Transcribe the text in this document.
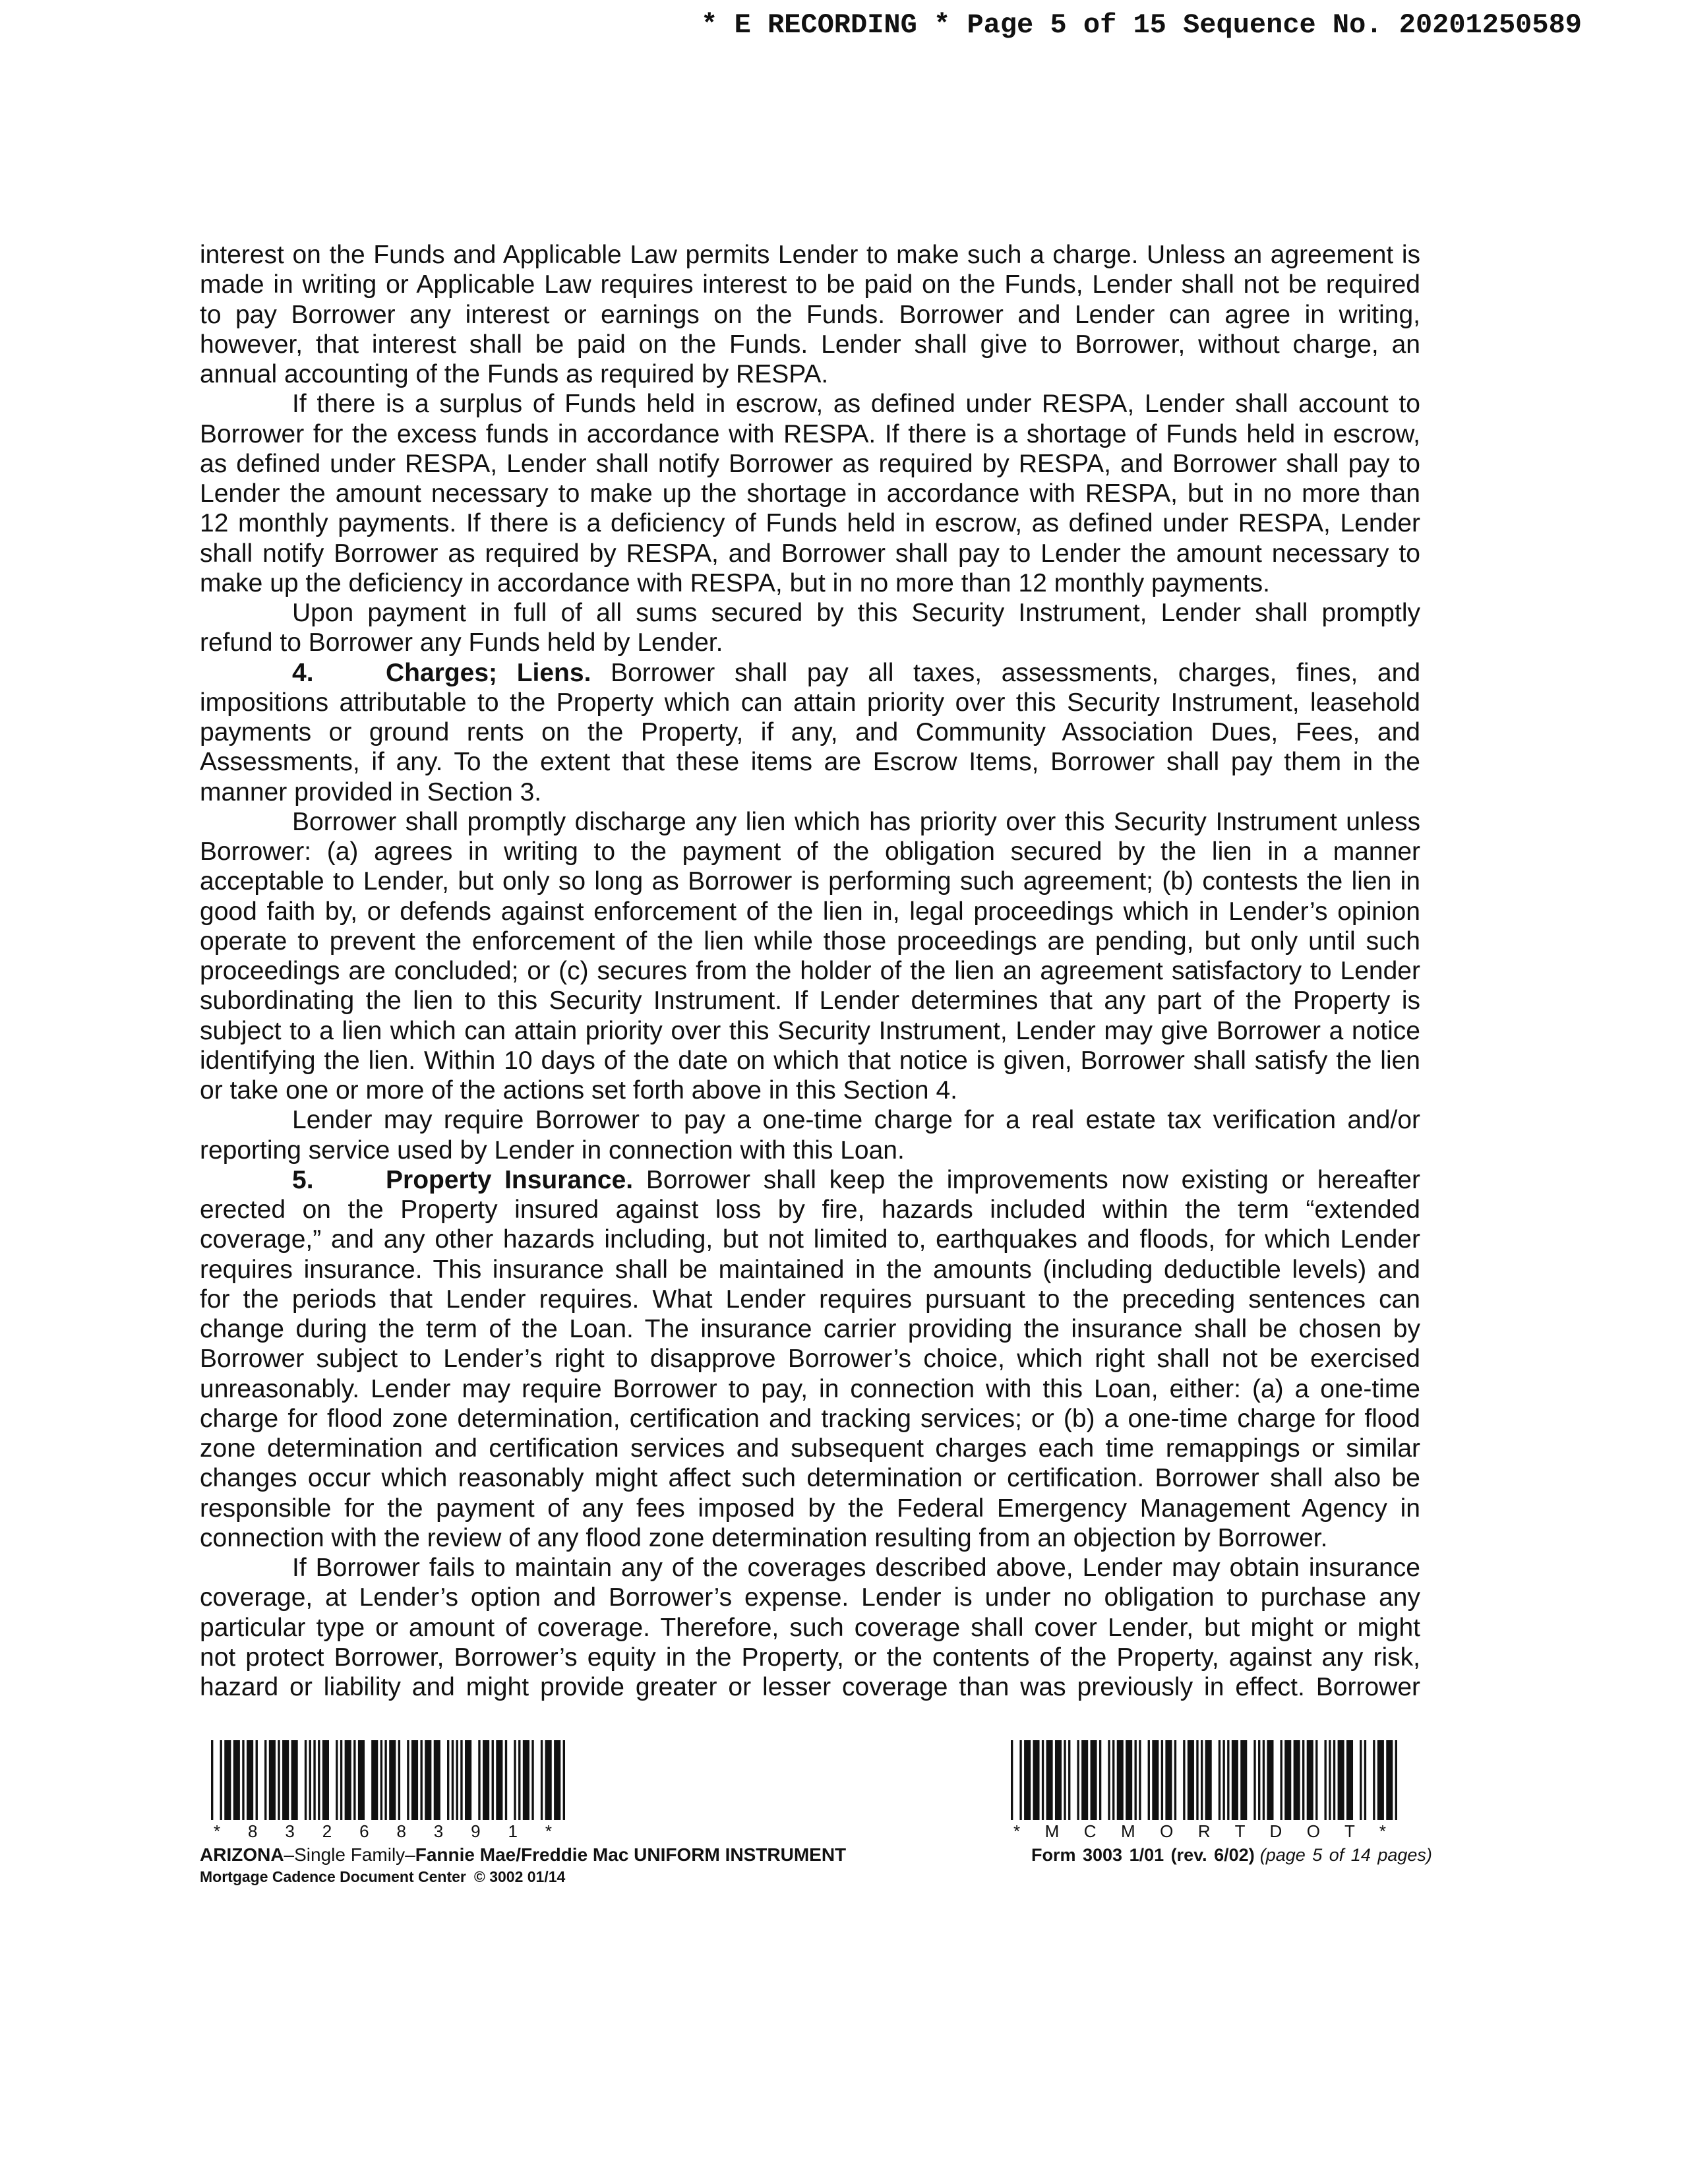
* E RECORDING * Page 5 of 15 Sequence No. 20201250589
interest on the Funds and Applicable Law permits Lender to make such a charge. Unless an agreement is
made in writing or Applicable Law requires interest to be paid on the Funds, Lender shall not be required
to pay Borrower any interest or earnings on the Funds. Borrower and Lender can agree in writing,
however, that interest shall be paid on the Funds. Lender shall give to Borrower, without charge, an
annual accounting of the Funds as required by RESPA.
If there is a surplus of Funds held in escrow, as defined under RESPA, Lender shall account to
Borrower for the excess funds in accordance with RESPA. If there is a shortage of Funds held in escrow,
as defined under RESPA, Lender shall notify Borrower as required by RESPA, and Borrower shall pay to
Lender the amount necessary to make up the shortage in accordance with RESPA, but in no more than
12 monthly payments. If there is a deficiency of Funds held in escrow, as defined under RESPA, Lender
shall notify Borrower as required by RESPA, and Borrower shall pay to Lender the amount necessary to
make up the deficiency in accordance with RESPA, but in no more than 12 monthly payments.
Upon payment in full of all sums secured by this Security Instrument, Lender shall promptly
refund to Borrower any Funds held by Lender.
4.	Charges; Liens. Borrower shall pay all taxes, assessments, charges, fines, and
impositions attributable to the Property which can attain priority over this Security Instrument, leasehold
payments or ground rents on the Property, if any, and Community Association Dues, Fees, and
Assessments, if any. To the extent that these items are Escrow Items, Borrower shall pay them in the
manner provided in Section 3.
Borrower shall promptly discharge any lien which has priority over this Security Instrument unless
Borrower: (a) agrees in writing to the payment of the obligation secured by the lien in a manner
acceptable to Lender, but only so long as Borrower is performing such agreement; (b) contests the lien in
good faith by, or defends against enforcement of the lien in, legal proceedings which in Lender’s opinion
operate to prevent the enforcement of the lien while those proceedings are pending, but only until such
proceedings are concluded; or (c) secures from the holder of the lien an agreement satisfactory to Lender
subordinating the lien to this Security Instrument. If Lender determines that any part of the Property is
subject to a lien which can attain priority over this Security Instrument, Lender may give Borrower a notice
identifying the lien. Within 10 days of the date on which that notice is given, Borrower shall satisfy the lien
or take one or more of the actions set forth above in this Section 4.
Lender may require Borrower to pay a one-time charge for a real estate tax verification and/or
reporting service used by Lender in connection with this Loan.
5.	Property Insurance. Borrower shall keep the improvements now existing or hereafter
erected on the Property insured against loss by fire, hazards included within the term “extended
coverage,” and any other hazards including, but not limited to, earthquakes and floods, for which Lender
requires insurance. This insurance shall be maintained in the amounts (including deductible levels) and
for the periods that Lender requires. What Lender requires pursuant to the preceding sentences can
change during the term of the Loan. The insurance carrier providing the insurance shall be chosen by
Borrower subject to Lender’s right to disapprove Borrower’s choice, which right shall not be exercised
unreasonably. Lender may require Borrower to pay, in connection with this Loan, either: (a) a one-time
charge for flood zone determination, certification and tracking services; or (b) a one-time charge for flood
zone determination and certification services and subsequent charges each time remappings or similar
changes occur which reasonably might affect such determination or certification. Borrower shall also be
responsible for the payment of any fees imposed by the Federal Emergency Management Agency in
connection with the review of any flood zone determination resulting from an objection by Borrower.
If Borrower fails to maintain any of the coverages described above, Lender may obtain insurance
coverage, at Lender’s option and Borrower’s expense. Lender is under no obligation to purchase any
particular type or amount of coverage. Therefore, such coverage shall cover Lender, but might or might
not protect Borrower, Borrower’s equity in the Property, or the contents of the Property, against any risk,
hazard or liability and might provide greater or lesser coverage than was previously in effect. Borrower
* 8 3 2 6 8 3 9 1 *	* M C M O R T D O T *
ARIZONA–Single Family–Fannie Mae/Freddie Mac UNIFORM INSTRUMENT
Mortgage Cadence Document Center © 3002 01/14
Form 3003 1/01 (rev. 6/02) (page 5 of 14 pages)
